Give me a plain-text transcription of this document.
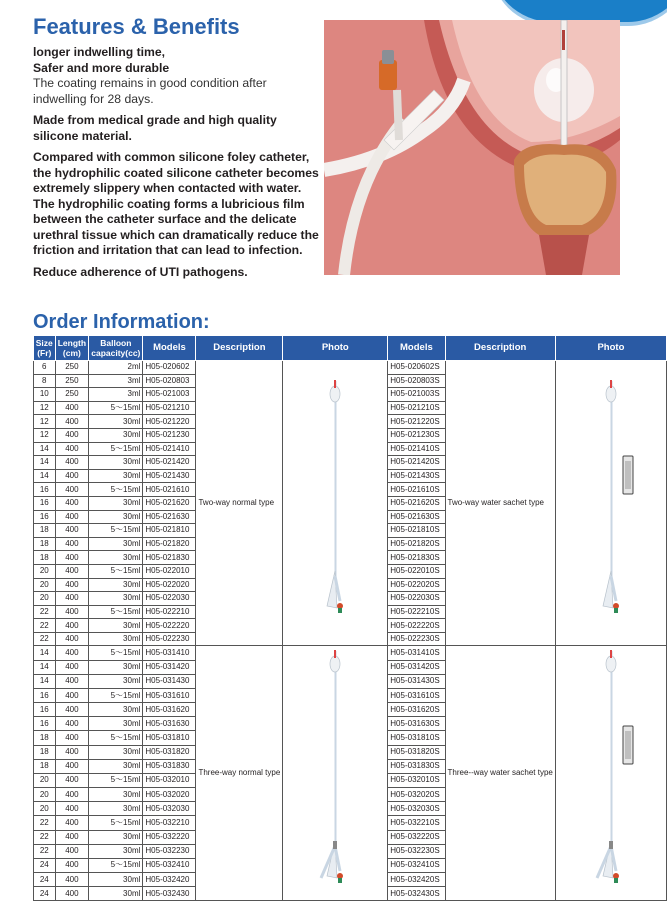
Features & Benefits

longer indwelling time,
Safer and more durable
The coating remains in good condition after indwelling for 28 days.

Made from medical grade and high quality silicone material.

Compared with common silicone foley catheter, the hydrophilic coated silicone catheter becomes extremely slippery when contacted with water. The hydrophilic coating forms a lubricious film between the catheter surface and the delicate urethral tissue which can dramatically reduce the friction and irritation that can lead to infection.

Reduce adherence of UTI pathogens.

Order Information:
Size (Fr)	Length (cm)	Balloon capacity(cc)	Models	Description	Photo	Models	Description	Photo
6	250	2ml	H05-020602	Two-way normal type		H05-020602S	Two-way water sachet type	
8	250	3ml	H05-020803			H05-020803S		
10	250	3ml	H05-021003			H05-021003S		
12	400	5～15ml	H05-021210			H05-021210S		
12	400	30ml	H05-021220			H05-021220S		
12	400	30ml	H05-021230			H05-021230S		
14	400	5～15ml	H05-021410			H05-021410S		
14	400	30ml	H05-021420			H05-021420S		
14	400	30ml	H05-021430			H05-021430S		
16	400	5～15ml	H05-021610			H05-021610S		
16	400	30ml	H05-021620			H05-021620S		
16	400	30ml	H05-021630			H05-021630S		
18	400	5～15ml	H05-021810			H05-021810S		
18	400	30ml	H05-021820			H05-021820S		
18	400	30ml	H05-021830			H05-021830S		
20	400	5～15ml	H05-022010			H05-022010S		
20	400	30ml	H05-022020			H05-022020S		
20	400	30ml	H05-022030			H05-022030S		
22	400	5～15ml	H05-022210			H05-022210S		
22	400	30ml	H05-022220			H05-022220S		
22	400	30ml	H05-022230			H05-022230S		
14	400	5～15ml	H05-031410	Three-way normal type		H05-031410S	Three--way water sachet type	
14	400	30ml	H05-031420			H05-031420S		
14	400	30ml	H05-031430			H05-031430S		
16	400	5～15ml	H05-031610			H05-031610S		
16	400	30ml	H05-031620			H05-031620S		
16	400	30ml	H05-031630			H05-031630S		
18	400	5～15ml	H05-031810			H05-031810S		
18	400	30ml	H05-031820			H05-031820S		
18	400	30ml	H05-031830			H05-031830S		
20	400	5～15ml	H05-032010			H05-032010S		
20	400	30ml	H05-032020			H05-032020S		
20	400	30ml	H05-032030			H05-032030S		
22	400	5～15ml	H05-032210			H05-032210S		
22	400	30ml	H05-032220			H05-032220S		
22	400	30ml	H05-032230			H05-032230S		
24	400	5～15ml	H05-032410			H05-032410S		
24	400	30ml	H05-032420			H05-032420S		
24	400	30ml	H05-032430			H05-032430S		
